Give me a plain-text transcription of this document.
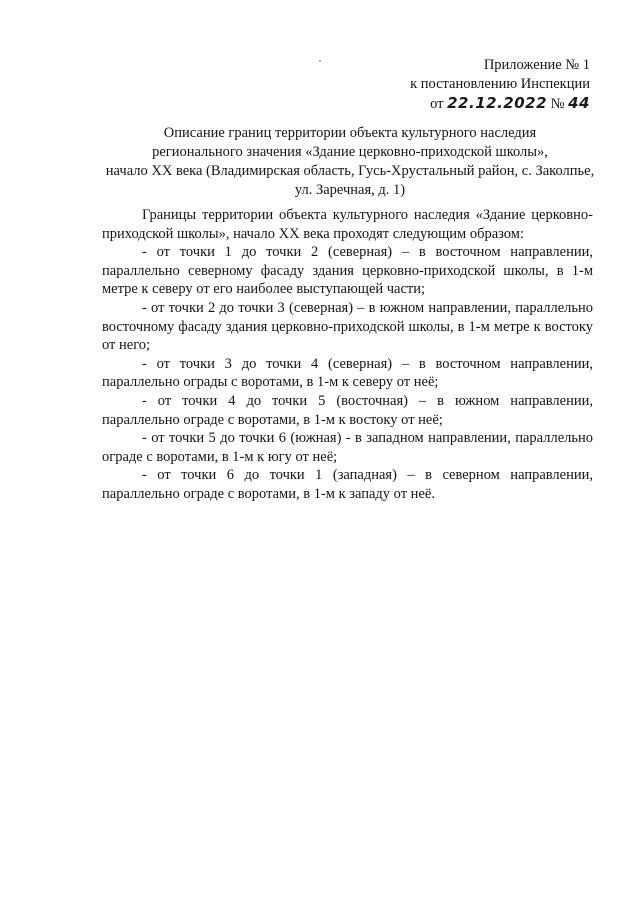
Приложение № 1
к постановлению Инспекции
от 22.12.2022 № 44
Описание границ территории объекта культурного наследия
регионального значения «Здание церковно-приходской школы»,
начало XX века (Владимирская область, Гусь-Хрустальный район, с. Заколпье,
ул. Заречная, д. 1)

Границы территории объекта культурного наследия «Здание церковно-приходской школы», начало XX века проходят следующим образом:

- от точки 1 до точки 2 (северная) – в восточном направлении, параллельно северному фасаду здания церковно-приходской школы, в 1-м метре к северу от его наиболее выступающей части;

- от точки 2 до точки 3 (северная) – в южном направлении, параллельно восточному фасаду здания церковно-приходской школы, в 1-м метре к востоку от него;

- от точки 3 до точки 4 (северная) – в восточном направлении, параллельно ограды с воротами, в 1-м к северу от неё;

- от точки 4 до точки 5 (восточная) – в южном направлении, параллельно ограде с воротами, в 1-м к востоку от неё;

- от точки 5 до точки 6 (южная) - в западном направлении, параллельно ограде с воротами, в 1-м к югу от неё;

- от точки 6 до точки 1 (западная) – в северном направлении, параллельно ограде с воротами, в 1-м к западу от неё.
